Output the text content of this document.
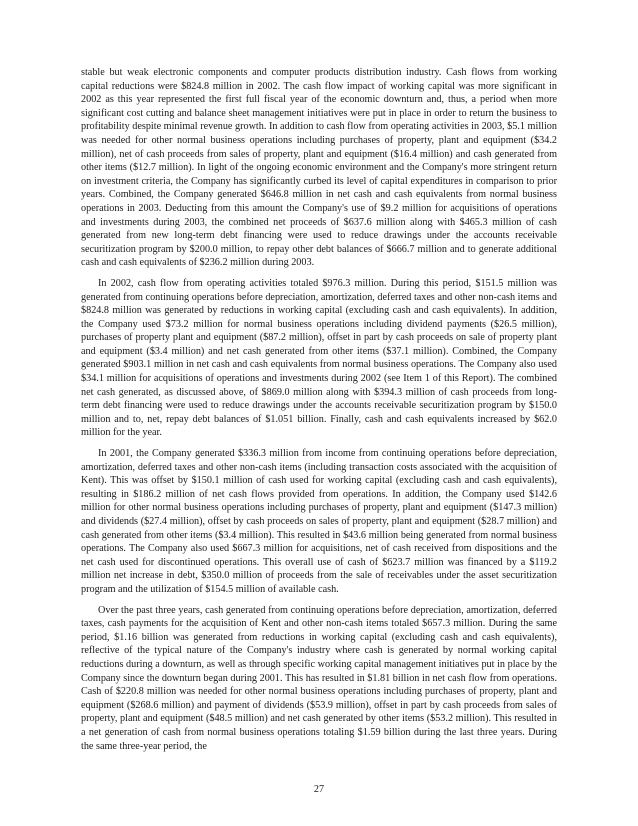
stable but weak electronic components and computer products distribution industry. Cash flows from working capital reductions were $824.8 million in 2002. The cash flow impact of working capital was more significant in 2002 as this year represented the first full fiscal year of the economic downturn and, thus, a period when more significant cost cutting and balance sheet management initiatives were put in place in order to return the business to profitability despite minimal revenue growth. In addition to cash flow from operating activities in 2003, $5.1 million was needed for other normal business operations including purchases of property, plant and equipment ($34.2 million), net of cash proceeds from sales of property, plant and equipment ($16.4 million) and cash generated from other items ($12.7 million). In light of the ongoing economic environment and the Company's more stringent return on investment criteria, the Company has significantly curbed its level of capital expenditures in comparison to prior years. Combined, the Company generated $646.8 million in net cash and cash equivalents from normal business operations in 2003. Deducting from this amount the Company's use of $9.2 million for acquisitions of operations and investments during 2003, the combined net proceeds of $637.6 million along with $465.3 million of cash generated from new long-term debt financing were used to reduce drawings under the accounts receivable securitization program by $200.0 million, to repay other debt balances of $666.7 million and to generate additional cash and cash equivalents of $236.2 million during 2003.

In 2002, cash flow from operating activities totaled $976.3 million. During this period, $151.5 million was generated from continuing operations before depreciation, amortization, deferred taxes and other non-cash items and $824.8 million was generated by reductions in working capital (excluding cash and cash equivalents). In addition, the Company used $73.2 million for normal business operations including dividend payments ($26.5 million), purchases of property plant and equipment ($87.2 million), offset in part by cash proceeds on sale of property plant and equipment ($3.4 million) and net cash generated from other items ($37.1 million). Combined, the Company generated $903.1 million in net cash and cash equivalents from normal business operations. The Company also used $34.1 million for acquisitions of operations and investments during 2002 (see Item 1 of this Report). The combined net cash generated, as discussed above, of $869.0 million along with $394.3 million of cash proceeds from long-term debt financing were used to reduce drawings under the accounts receivable securitization program by $150.0 million and to, net, repay debt balances of $1.051 billion. Finally, cash and cash equivalents increased by $62.0 million for the year.

In 2001, the Company generated $336.3 million from income from continuing operations before depreciation, amortization, deferred taxes and other non-cash items (including transaction costs associated with the acquisition of Kent). This was offset by $150.1 million of cash used for working capital (excluding cash and cash equivalents), resulting in $186.2 million of net cash flows provided from operations. In addition, the Company used $142.6 million for other normal business operations including purchases of property, plant and equipment ($147.3 million) and dividends ($27.4 million), offset by cash proceeds on sales of property, plant and equipment ($28.7 million) and cash generated from other items ($3.4 million). This resulted in $43.6 million being generated from normal business operations. The Company also used $667.3 million for acquisitions, net of cash received from dispositions and the net cash used for discontinued operations. This overall use of cash of $623.7 million was financed by a $119.2 million net increase in debt, $350.0 million of proceeds from the sale of receivables under the asset securitization program and the utilization of $154.5 million of available cash.

Over the past three years, cash generated from continuing operations before depreciation, amortization, deferred taxes, cash payments for the acquisition of Kent and other non-cash items totaled $657.3 million. During the same period, $1.16 billion was generated from reductions in working capital (excluding cash and cash equivalents), reflective of the typical nature of the Company's industry where cash is generated by normal working capital reductions during a downturn, as well as through specific working capital management initiatives put in place by the Company since the downturn began during 2001. This has resulted in $1.81 billion in net cash flow from operations. Cash of $220.8 million was needed for other normal business operations including purchases of property, plant and equipment ($268.6 million) and payment of dividends ($53.9 million), offset in part by cash proceeds from sales of property, plant and equipment ($48.5 million) and net cash generated by other items ($53.2 million). This resulted in a net generation of cash from normal business operations totaling $1.59 billion during the last three years. During the same three-year period, the

27
